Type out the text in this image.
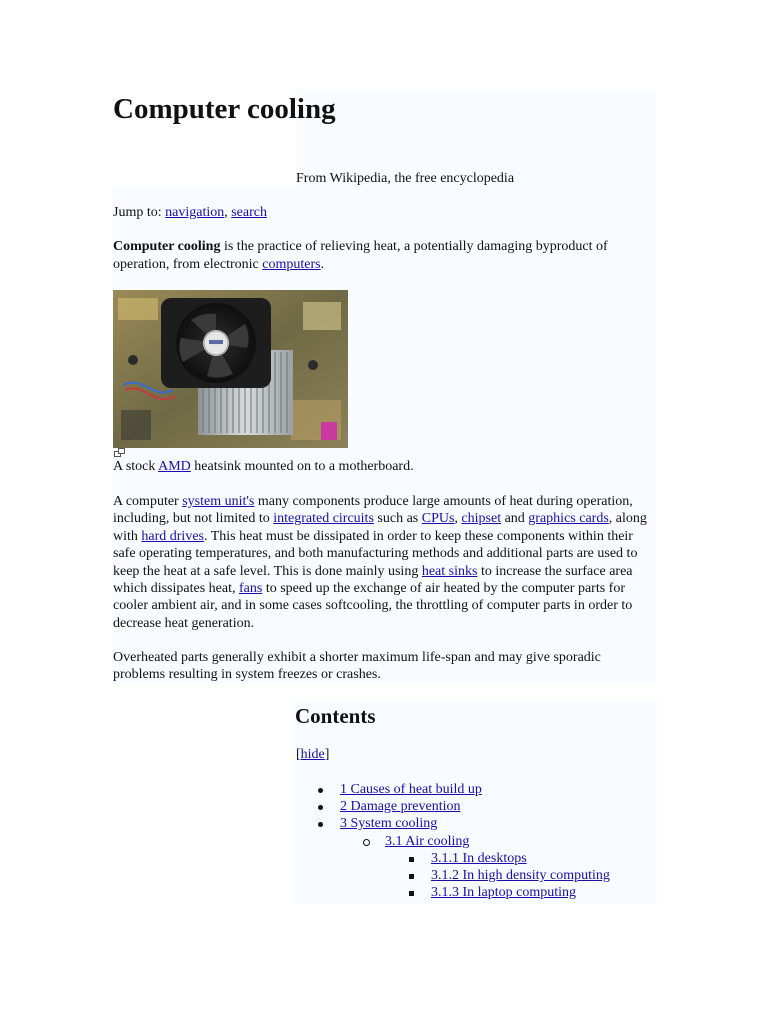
Computer cooling
From Wikipedia, the free encyclopedia
Jump to: navigation, search

Computer cooling is the practice of relieving heat, a potentially damaging byproduct of operation, from electronic computers.

A stock AMD heatsink mounted on to a motherboard.

A computer system unit's many components produce large amounts of heat during operation, including, but not limited to integrated circuits such as CPUs, chipset and graphics cards, along with hard drives. This heat must be dissipated in order to keep these components within their safe operating temperatures, and both manufacturing methods and additional parts are used to keep the heat at a safe level. This is done mainly using heat sinks to increase the surface area which dissipates heat, fans to speed up the exchange of air heated by the computer parts for cooler ambient air, and in some cases softcooling, the throttling of computer parts in order to decrease heat generation.

Overheated parts generally exhibit a shorter maximum life-span and may give sporadic problems resulting in system freezes or crashes.

Contents
[hide]
1 Causes of heat build up
2 Damage prevention
3 System cooling
3.1 Air cooling
3.1.1 In desktops
3.1.2 In high density computing
3.1.3 In laptop computing
